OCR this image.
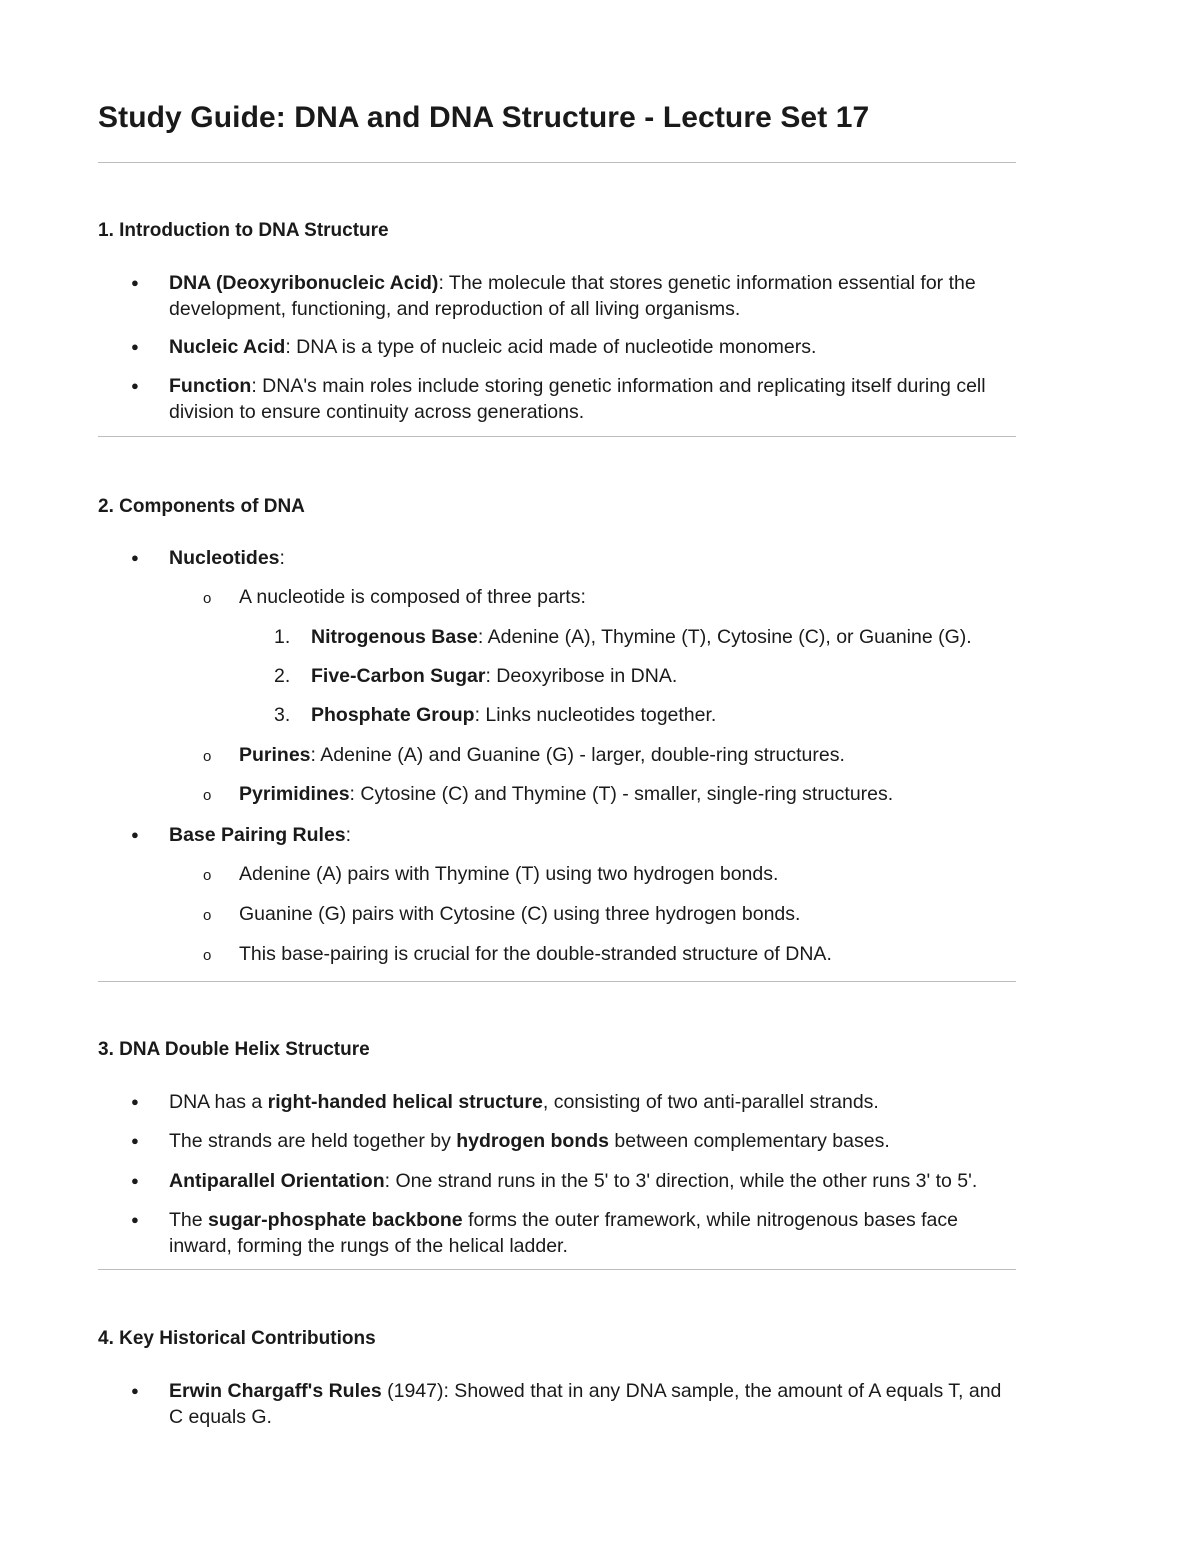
Study Guide: DNA and DNA Structure - Lecture Set 17
1. Introduction to DNA Structure
● DNA (Deoxyribonucleic Acid): The molecule that stores genetic information essential for the
development, functioning, and reproduction of all living organisms.
● Nucleic Acid: DNA is a type of nucleic acid made of nucleotide monomers.
● Function: DNA's main roles include storing genetic information and replicating itself during cell
division to ensure continuity across generations.
2. Components of DNA
● Nucleotides:
o A nucleotide is composed of three parts:
1. Nitrogenous Base: Adenine (A), Thymine (T), Cytosine (C), or Guanine (G).
2. Five-Carbon Sugar: Deoxyribose in DNA.
3. Phosphate Group: Links nucleotides together.
o Purines: Adenine (A) and Guanine (G) - larger, double-ring structures.
o Pyrimidines: Cytosine (C) and Thymine (T) - smaller, single-ring structures.
● Base Pairing Rules:
o Adenine (A) pairs with Thymine (T) using two hydrogen bonds.
o Guanine (G) pairs with Cytosine (C) using three hydrogen bonds.
o This base-pairing is crucial for the double-stranded structure of DNA.
3. DNA Double Helix Structure
● DNA has a right-handed helical structure, consisting of two anti-parallel strands.
● The strands are held together by hydrogen bonds between complementary bases.
● Antiparallel Orientation: One strand runs in the 5' to 3' direction, while the other runs 3' to 5'.
● The sugar-phosphate backbone forms the outer framework, while nitrogenous bases face
inward, forming the rungs of the helical ladder.
4. Key Historical Contributions
● Erwin Chargaff's Rules (1947): Showed that in any DNA sample, the amount of A equals T, and
C equals G.
